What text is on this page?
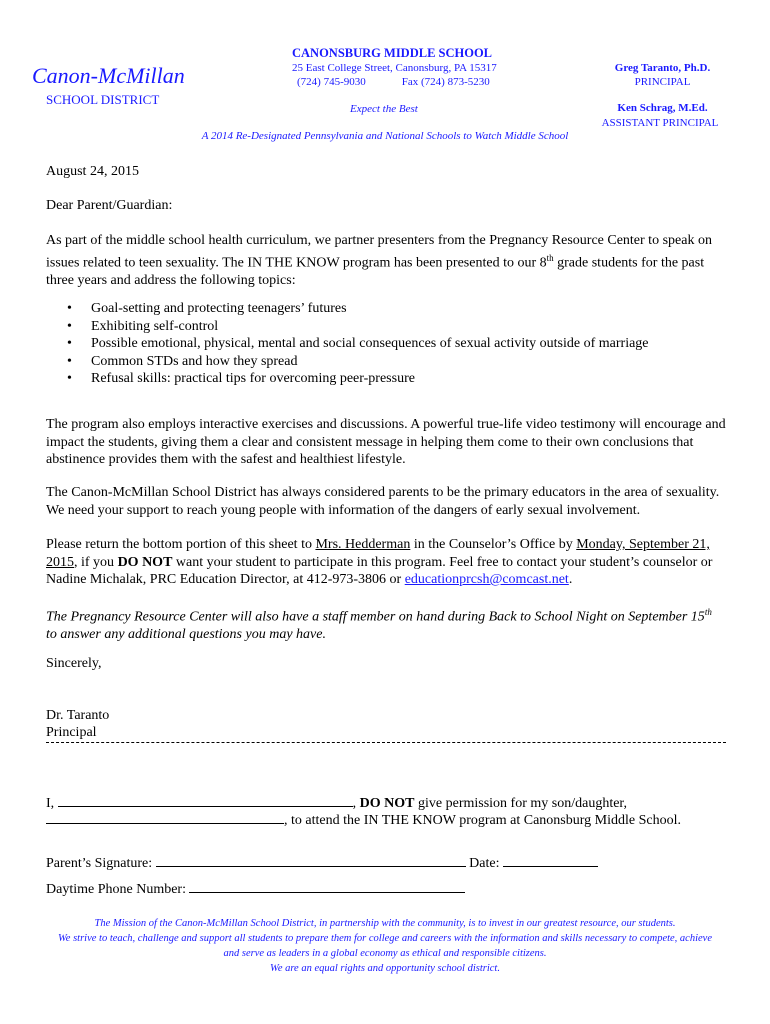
Canon-McMillan
SCHOOL DISTRICT
CANONSBURG MIDDLE SCHOOL
25 East College Street, Canonsburg, PA 15317
(724) 745-9030	Fax (724) 873-5230
Expect the Best
Greg Taranto, Ph.D.
PRINCIPAL
Ken Schrag, M.Ed.
ASSISTANT PRINCIPAL
A 2014 Re-Designated Pennsylvania and National Schools to Watch Middle School
August 24, 2015
Dear Parent/Guardian:
As part of the middle school health curriculum, we partner presenters from the Pregnancy Resource Center to speak on issues related to teen sexuality. The IN THE KNOW program has been presented to our 8th grade students for the past three years and address the following topics:
• Goal-setting and protecting teenagers’ futures
• Exhibiting self-control
• Possible emotional, physical, mental and social consequences of sexual activity outside of marriage
• Common STDs and how they spread
• Refusal skills: practical tips for overcoming peer-pressure
The program also employs interactive exercises and discussions. A powerful true-life video testimony will encourage and impact the students, giving them a clear and consistent message in helping them come to their own conclusions that abstinence provides them with the safest and healthiest lifestyle.
The Canon-McMillan School District has always considered parents to be the primary educators in the area of sexuality. We need your support to reach young people with information of the dangers of early sexual involvement.
Please return the bottom portion of this sheet to Mrs. Hedderman in the Counselor’s Office by Monday, September 21, 2015, if you DO NOT want your student to participate in this program. Feel free to contact your student’s counselor or Nadine Michalak, PRC Education Director, at 412-973-3806 or educationprcsh@comcast.net.
The Pregnancy Resource Center will also have a staff member on hand during Back to School Night on September 15th to answer any additional questions you may have.
Sincerely,
Dr. Taranto
Principal
I,	, DO NOT give permission for my son/daughter,
, to attend the IN THE KNOW program at Canonsburg Middle School.
Parent’s Signature:	Date:
Daytime Phone Number:
The Mission of the Canon-McMillan School District, in partnership with the community, is to invest in our greatest resource, our students.
We strive to teach, challenge and support all students to prepare them for college and careers with the information and skills necessary to compete, achieve
and serve as leaders in a global economy as ethical and responsible citizens.
We are an equal rights and opportunity school district.
